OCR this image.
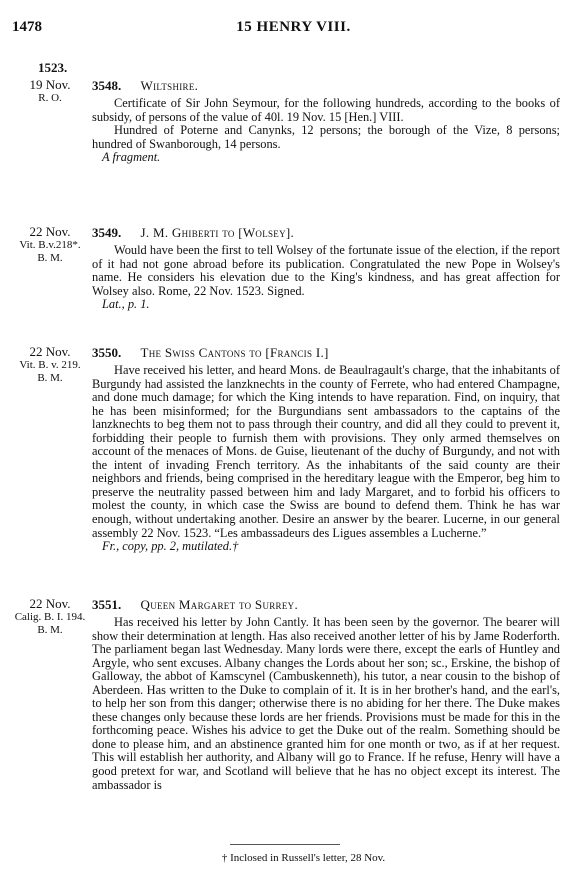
1478	15 HENRY VIII.
1523.
19 Nov.
R. O.
3548. Wiltshire.

Certificate of Sir John Seymour, for the following hundreds, according to the books of subsidy, of persons of the value of 40l. 19 Nov. 15 [Hen.] VIII.

Hundred of Poterne and Canynks, 12 persons; the borough of the Vize, 8 persons; hundred of Swanborough, 14 persons.

A fragment.

22 Nov.
Vit. B.v.218*.
B. M.
3549. J. M. Ghiberti to [Wolsey].

Would have been the first to tell Wolsey of the fortunate issue of the election, if the report of it had not gone abroad before its publication. Congratulated the new Pope in Wolsey's name. He considers his elevation due to the King's kindness, and has great affection for Wolsey also. Rome, 22 Nov. 1523. Signed.

Lat., p. 1.

22 Nov.
Vit. B. v. 219.
B. M.
3550. The Swiss Cantons to [Francis I.]

Have received his letter, and heard Mons. de Beaulragault's charge, that the inhabitants of Burgundy had assisted the lanzknechts in the county of Ferrete, who had entered Champagne, and done much damage; for which the King intends to have reparation. Find, on inquiry, that he has been misinformed; for the Burgundians sent ambassadors to the captains of the lanzknechts to beg them not to pass through their country, and did all they could to prevent it, forbidding their people to furnish them with provisions. They only armed themselves on account of the menaces of Mons. de Guise, lieutenant of the duchy of Burgundy, and not with the intent of invading French territory. As the inhabitants of the said county are their neighbors and friends, being comprised in the hereditary league with the Emperor, beg him to preserve the neutrality passed between him and lady Margaret, and to forbid his officers to molest the county, in which case the Swiss are bound to defend them. Think he has war enough, without undertaking another. Desire an answer by the bearer. Lucerne, in our general assembly 22 Nov. 1523. “Les ambassadeurs des Ligues assembles a Lucherne.”

Fr., copy, pp. 2, mutilated.†

22 Nov.
Calig. B. I. 194.
B. M.
3551. Queen Margaret to Surrey.

Has received his letter by John Cantly. It has been seen by the governor. The bearer will show their determination at length. Has also received another letter of his by Jame Roderforth. The parliament began last Wednesday. Many lords were there, except the earls of Huntley and Argyle, who sent excuses. Albany changes the Lords about her son; sc., Erskine, the bishop of Galloway, the abbot of Kamscynel (Cambuskenneth), his tutor, a near cousin to the bishop of Aberdeen. Has written to the Duke to complain of it. It is in her brother's hand, and the earl's, to help her son from this danger; otherwise there is no abiding for her there. The Duke makes these changes only because these lords are her friends. Provisions must be made for this in the forthcoming peace. Wishes his advice to get the Duke out of the realm. Something should be done to please him, and an abstinence granted him for one month or two, as if at her request. This will establish her authority, and Albany will go to France. If he refuse, Henry will have a good pretext for war, and Scotland will believe that he has no object except its interest. The ambassador is

† Inclosed in Russell's letter, 28 Nov.
